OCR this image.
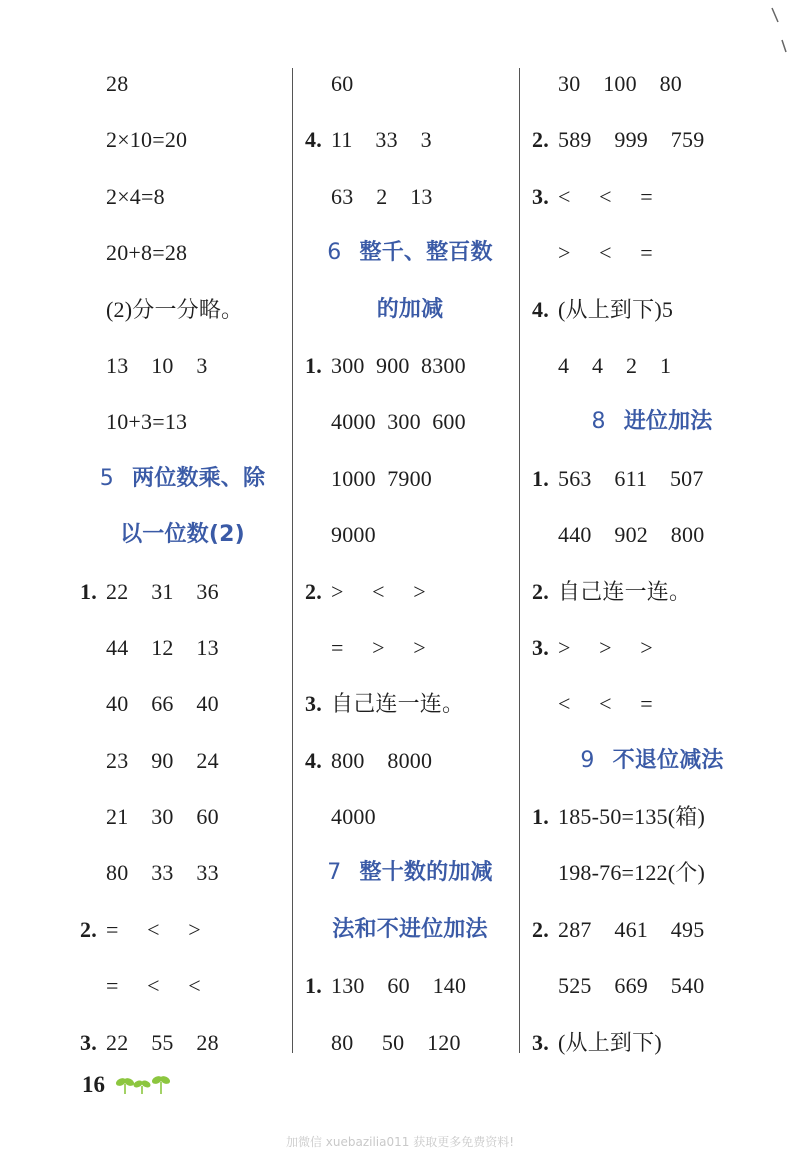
28
2×10=20
2×4=8
20+8=28
(2)分一分略。
13    10    3
10+3=13
5 两位数乘、除
以一位数(2)
1. 22    31    36
44    12    13
40    66    40
23    90    24
21    30    60
80    33    33
2. =     <     >
=     <     <
3. 22    55    28
60
4. 11    33    3
63    2    13
6 整千、整百数
的加减
1. 300  900  8300
4000  300  600
1000  7900
9000
2. >     <     >
=     >     >
3. 自己连一连。
4. 800    8000
4000
7 整十数的加减
法和不进位加法
1. 130    60    140
80     50    120
30    100    80
2. 589    999    759
3. <     <     =
>     <     =
4. (从上到下)5
4    4    2    1
8 进位加法
1. 563    611    507
440    902    800
2. 自己连一连。
3. >     >     >
<     <     =
9 不退位减法
1. 185-50=135(箱)
198-76=122(个)
2. 287    461    495
525    669    540
3. (从上到下)
16
加微信 xuebazilia011 获取更多免费资料!
